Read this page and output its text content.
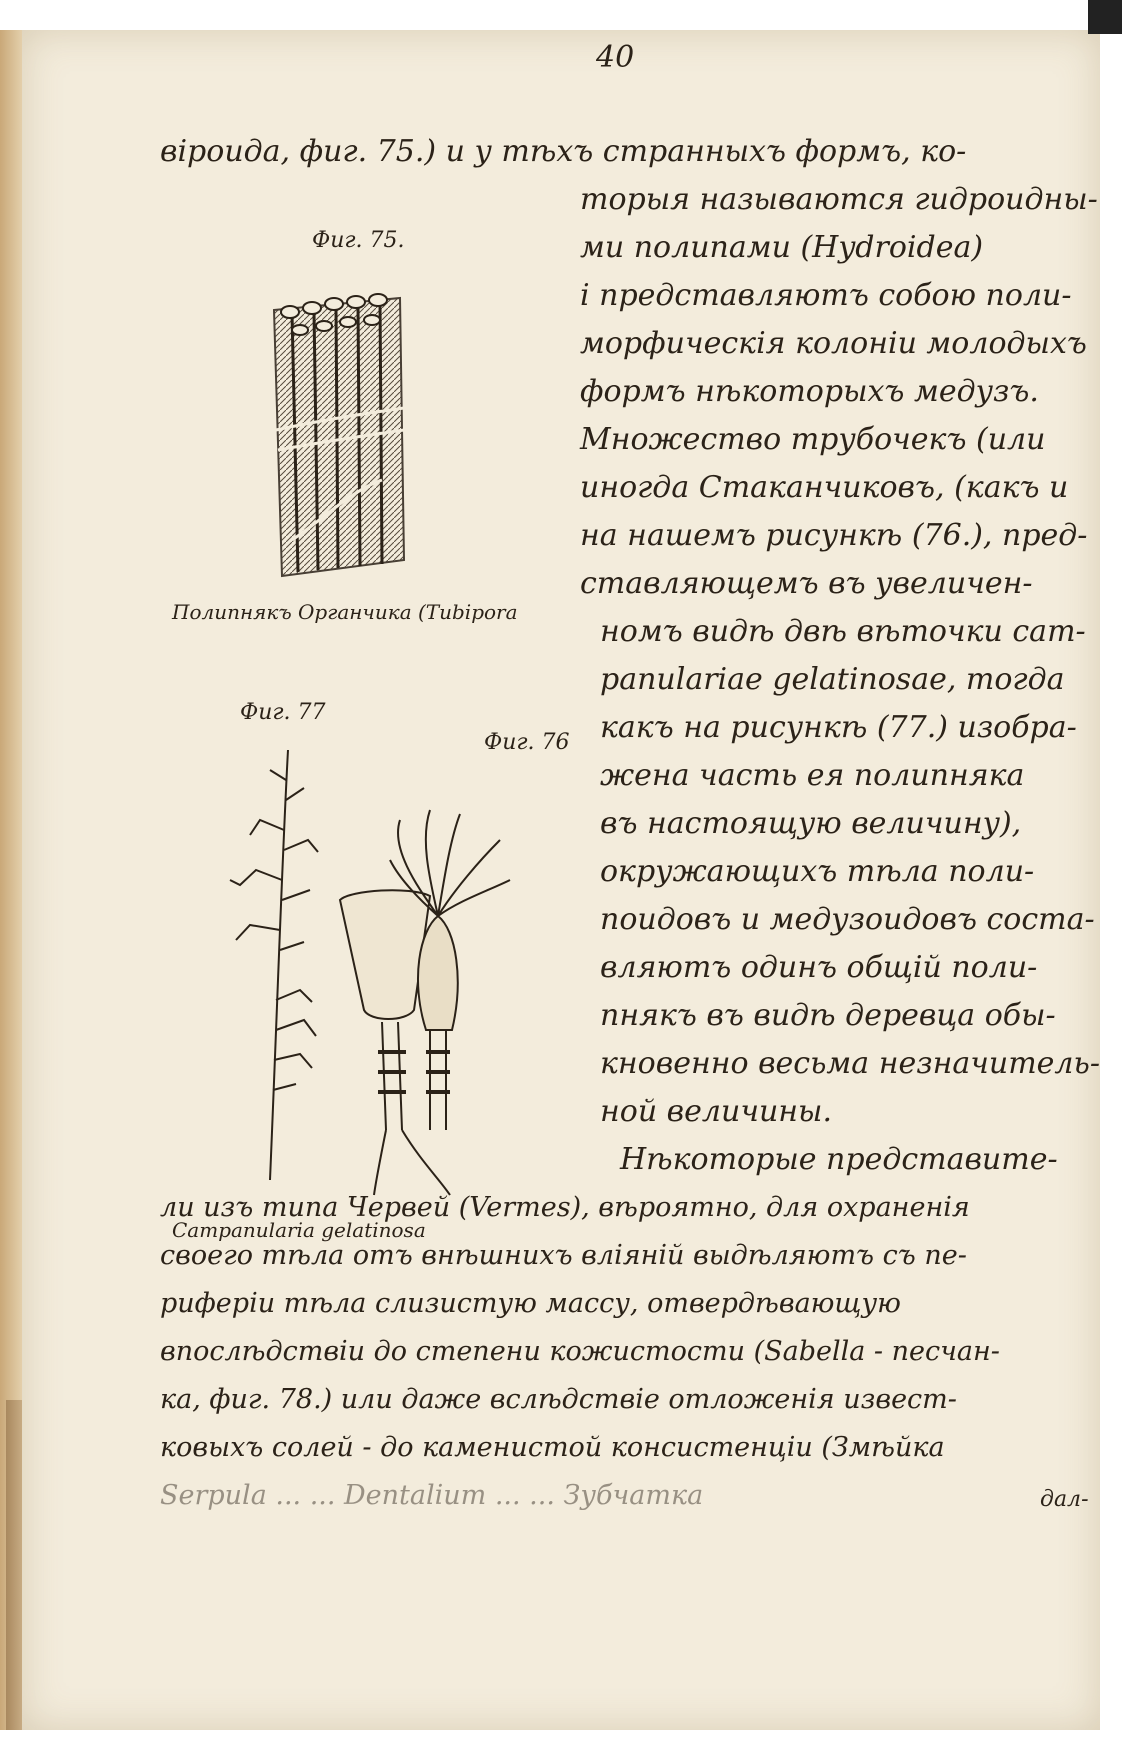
40
віроида, фиг. 75.) и у тѣхъ странныхъ формъ, ко-
торыя называются гидроидны-
ми полипами (Hydroidea)
і представляютъ собою поли-
морфическія колоніи молодыхъ
формъ нѣкоторыхъ медузъ.
Множество трубочекъ (или
иногда Стаканчиковъ, (какъ и
на нашемъ рисункѣ (76.), пред-
ставляющемъ въ увеличен-
номъ видѣ двѣ вѣточки cam-
panulariae gelatinosae, тогда
какъ на рисункѣ (77.) изобра-
жена часть ея полипняка
въ настоящую величину),
окружающихъ тѣла поли-
поидовъ и медузоидовъ соста-
вляютъ одинъ общій поли-
пнякъ въ видѣ деревца обы-
кновенно весьма незначитель-
ной величины.
Нѣкоторые представите-
ли изъ типа Червей (Vermes), вѣроятно, для охраненія
своего тѣла отъ внѣшнихъ вліяній выдѣляютъ съ пе-
риферіи тѣла слизистую массу, отвердѣвающую
впослѣдствіи до степени кожистости (Sabella - песчан-
ка, фиг. 78.) или даже вслѣдствіе отложенія извест-
ковыхъ солей - до каменистой консистенціи (Змѣйка
Serpula ... ... Dentalium ... ... Зубчатка	дал-
Фиг. 75.
Полипнякъ Органчика (Tubipora
Фиг. 77
Фиг. 76
Campanularia gelatinosa
